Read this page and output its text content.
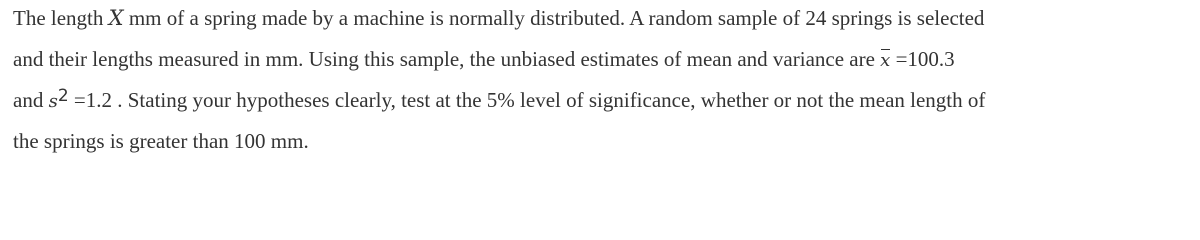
The length X mm of a spring made by a machine is normally distributed. A random sample of 24 springs is selected
and their lengths measured in mm. Using this sample, the unbiased estimates of mean and variance are x =100.3
and $s^2 =1.2$ . Stating your hypotheses clearly, test at the 5% level of significance, whether or not the mean length of
the springs is greater than 100 mm.
